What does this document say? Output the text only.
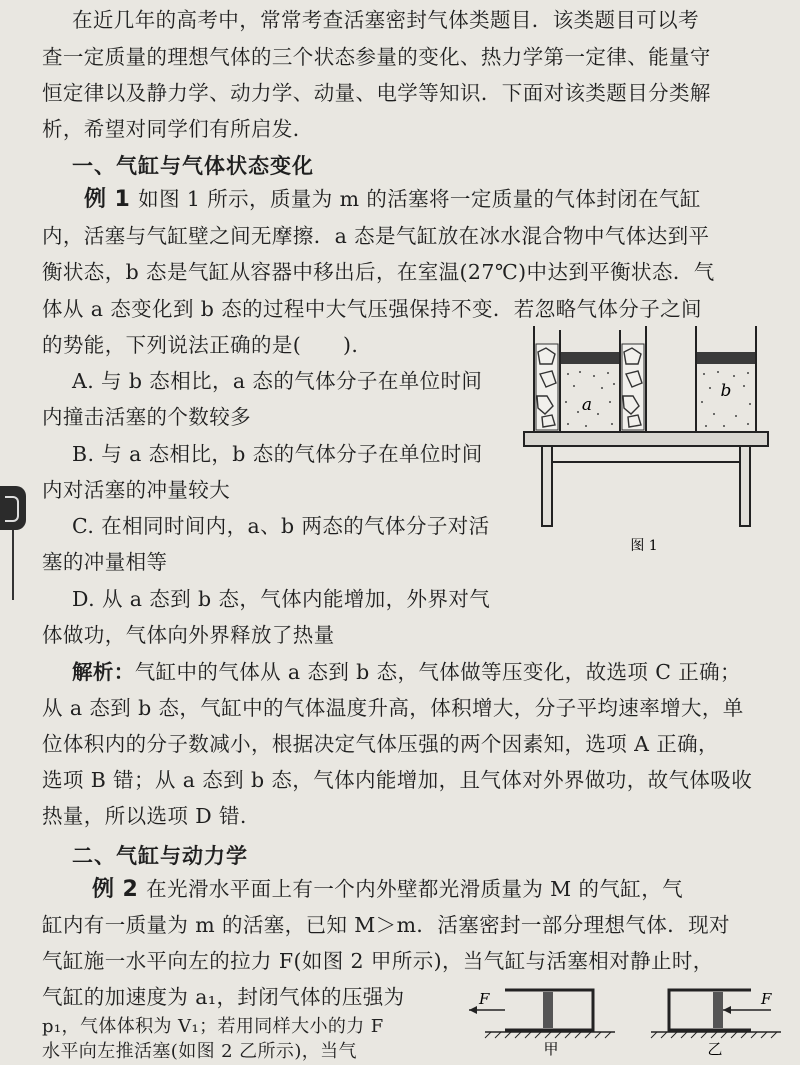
在近几年的高考中，常常考查活塞密封气体类题目．该类题目可以考
查一定质量的理想气体的三个状态参量的变化、热力学第一定律、能量守
恒定律以及静力学、动力学、动量、电学等知识．下面对该类题目分类解
析，希望对同学们有所启发．
一、气缸与气体状态变化
例 1 如图 1 所示，质量为 m 的活塞将一定质量的气体封闭在气缸
内，活塞与气缸壁之间无摩擦．a 态是气缸放在冰水混合物中气体达到平
衡状态，b 态是气缸从容器中移出后，在室温(27℃)中达到平衡状态．气
体从 a 态变化到 b 态的过程中大气压强保持不变．若忽略气体分子之间
的势能，下列说法正确的是(　　).
A. 与 b 态相比，a 态的气体分子在单位时间
内撞击活塞的个数较多
B. 与 a 态相比，b 态的气体分子在单位时间
内对活塞的冲量较大
C. 在相同时间内，a、b 两态的气体分子对活
塞的冲量相等
D. 从 a 态到 b 态，气体内能增加，外界对气
体做功，气体向外界释放了热量
a
b
图 1
解析：气缸中的气体从 a 态到 b 态，气体做等压变化，故选项 C 正确；
从 a 态到 b 态，气缸中的气体温度升高，体积增大，分子平均速率增大，单
位体积内的分子数减小，根据决定气体压强的两个因素知，选项 A 正确，
选项 B 错；从 a 态到 b 态，气体内能增加，且气体对外界做功，故气体吸收
热量，所以选项 D 错.
二、气缸与动力学
例 2 在光滑水平面上有一个内外壁都光滑质量为 M 的气缸，气
缸内有一质量为 m 的活塞，已知 M＞m．活塞密封一部分理想气体．现对
气缸施一水平向左的拉力 F(如图 2 甲所示)，当气缸与活塞相对静止时，
气缸的加速度为 a₁，封闭气体的压强为
p₁，气体体积为 V₁；若用同样大小的力 F
水平向左推活塞(如图 2 乙所示)，当气
F
甲
F
乙
